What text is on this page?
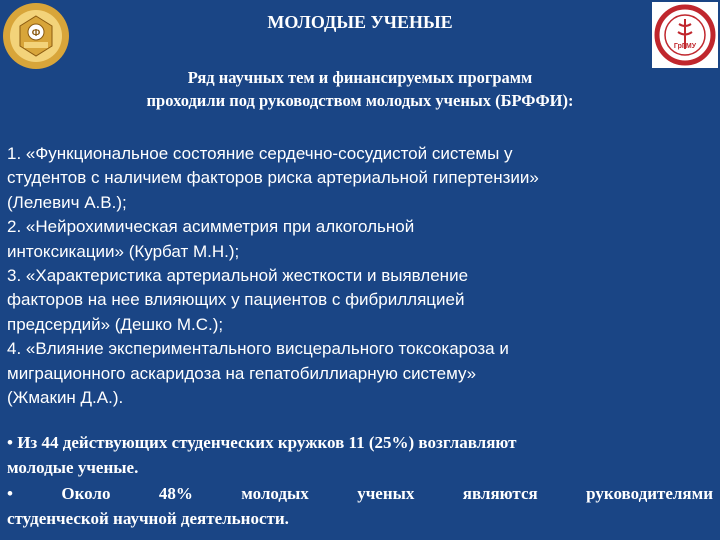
Ф
ГрГМУ
МОЛОДЫЕ УЧЕНЫЕ
Ряд научных тем и финансируемых программ
проходили под руководством молодых ученых (БРФФИ):
1. «Функциональное состояние сердечно-сосудистой системы у
студентов с наличием факторов риска артериальной гипертензии»
(Лелевич А.В.);
2. «Нейрохимическая асимметрия при алкогольной
интоксикации» (Курбат М.Н.);
3. «Характеристика артериальной жесткости и выявление
факторов на нее влияющих у пациентов с фибрилляцией
предсердий» (Дешко М.С.);
4. «Влияние экспериментального висцерального токсокароза и
миграционного аскаридоза на гепатобиллиарную систему»
(Жмакин Д.А.).
• Из 44 действующих студенческих кружков 11 (25%) возглавляют
молодые ученые.
•	Около	48%	молодых	ученых	являются	руководителями
студенческой научной деятельности.
